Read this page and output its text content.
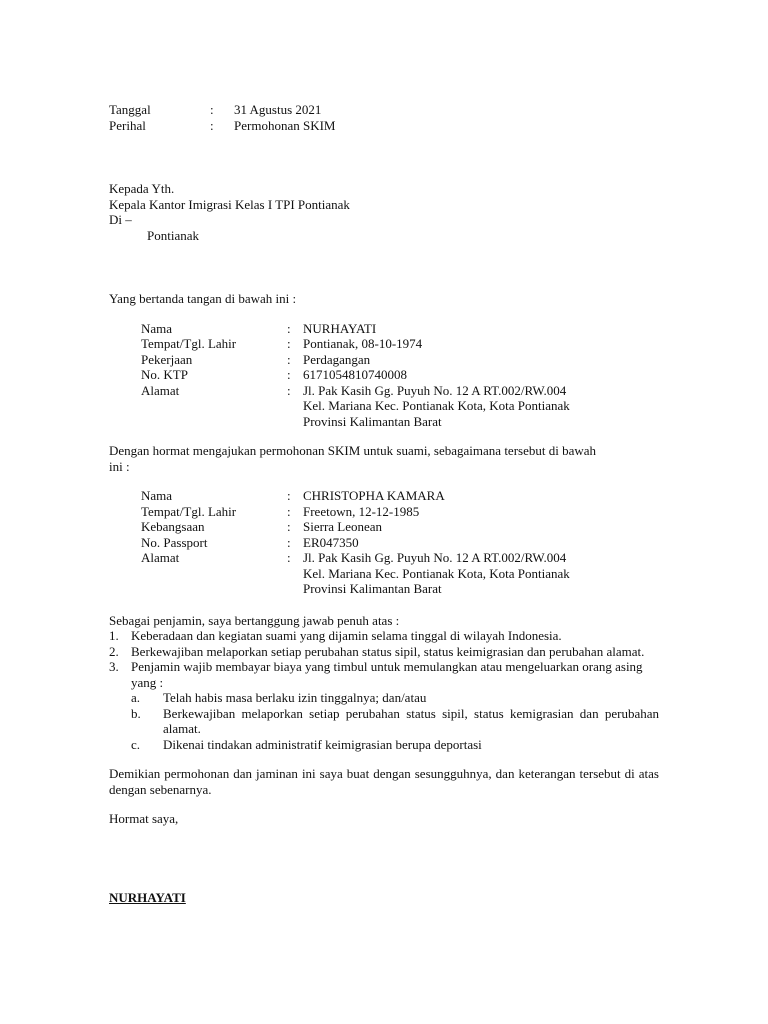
Tanggal	: 31 Agustus 2021
Perihal	: Permohonan SKIM
Kepada Yth.
Kepala Kantor Imigrasi Kelas I TPI Pontianak
Di –
Pontianak
Yang bertanda tangan di bawah ini :
Nama	: NURHAYATI
Tempat/Tgl. Lahir	: Pontianak, 08-10-1974
Pekerjaan	: Perdagangan
No. KTP	: 6171054810740008
Alamat	: Jl. Pak Kasih Gg. Puyuh No. 12 A RT.002/RW.004
Kel. Mariana Kec. Pontianak Kota, Kota Pontianak
Provinsi Kalimantan Barat
Dengan hormat mengajukan permohonan SKIM untuk suami, sebagaimana tersebut di bawah
ini :
Nama	: CHRISTOPHA KAMARA
Tempat/Tgl. Lahir	: Freetown, 12-12-1985
Kebangsaan	: Sierra Leonean
No. Passport	: ER047350
Alamat	: Jl. Pak Kasih Gg. Puyuh No. 12 A RT.002/RW.004
Kel. Mariana Kec. Pontianak Kota, Kota Pontianak
Provinsi Kalimantan Barat
Sebagai penjamin, saya bertanggung jawab penuh atas :
1. Keberadaan dan kegiatan suami yang dijamin selama tinggal di wilayah Indonesia.
2. Berkewajiban melaporkan setiap perubahan status sipil, status keimigrasian dan perubahan alamat.
3. Penjamin wajib membayar biaya yang timbul untuk memulangkan atau mengeluarkan orang asing yang :
a. Telah habis masa berlaku izin tinggalnya; dan/atau
b. Berkewajiban melaporkan setiap perubahan status sipil, status kemigrasian dan perubahan alamat.
c. Dikenai tindakan administratif keimigrasian berupa deportasi
Demikian permohonan dan jaminan ini saya buat dengan sesungguhnya, dan keterangan tersebut di atas dengan sebenarnya.
Hormat saya,
NURHAYATI
